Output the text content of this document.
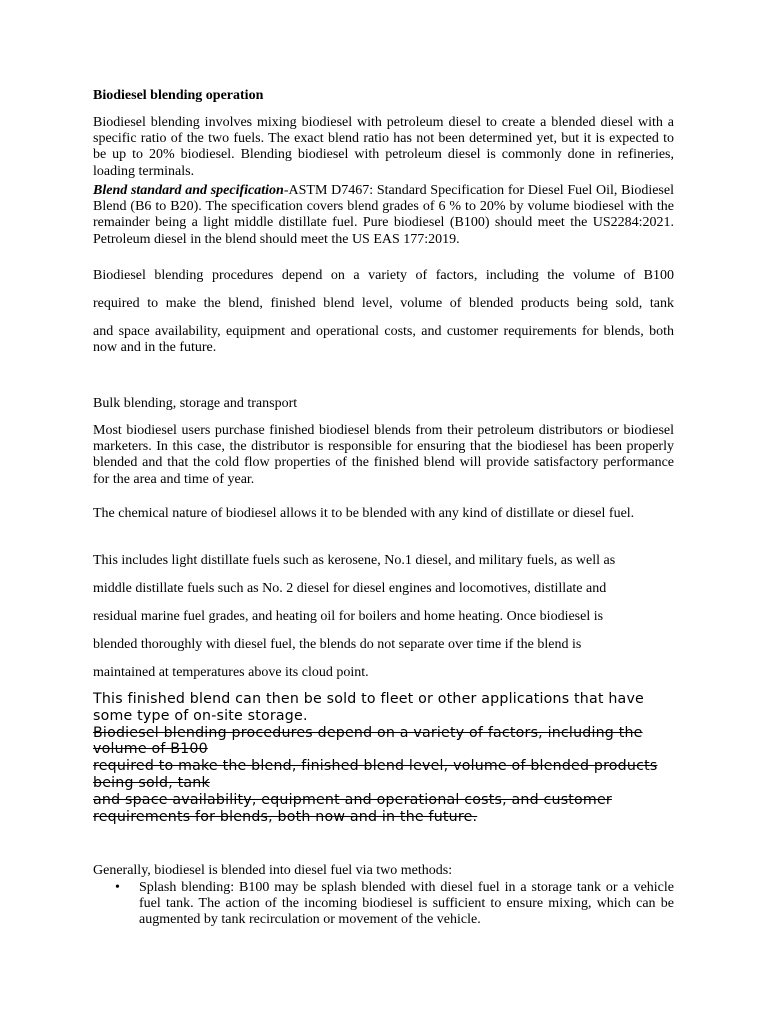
Biodiesel blending operation

Biodiesel blending involves mixing biodiesel with petroleum diesel to create a blended diesel with a specific ratio of the two fuels. The exact blend ratio has not been determined yet, but it is expected to be up to 20% biodiesel. Blending biodiesel with petroleum diesel is commonly done in refineries, loading terminals.

Blend standard and specification-ASTM D7467: Standard Specification for Diesel Fuel Oil, Biodiesel Blend (B6 to B20). The specification covers blend grades of 6 % to 20% by volume biodiesel with the remainder being a light middle distillate fuel. Pure biodiesel (B100) should meet the US2284:2021. Petroleum diesel in the blend should meet the US EAS 177:2019.

Biodiesel blending procedures depend on a variety of factors, including the volume of B100
required to make the blend, finished blend level, volume of blended products being sold, tank
and space availability, equipment and operational costs, and customer requirements for blends, both now and in the future.

Bulk blending, storage and transport

Most biodiesel users purchase finished biodiesel blends from their petroleum distributors or biodiesel marketers. In this case, the distributor is responsible for ensuring that the biodiesel has been properly blended and that the cold flow properties of the finished blend will provide satisfactory performance for the area and time of year.

The chemical nature of biodiesel allows it to be blended with any kind of distillate or diesel fuel.

This includes light distillate fuels such as kerosene, No.1 diesel, and military fuels, as well as
middle distillate fuels such as No. 2 diesel for diesel engines and locomotives, distillate and
residual marine fuel grades, and heating oil for boilers and home heating. Once biodiesel is
blended thoroughly with diesel fuel, the blends do not separate over time if the blend is
maintained at temperatures above its cloud point.
This finished blend can then be sold to fleet or other applications that have some type of on-site storage.
Biodiesel blending procedures depend on a variety of factors, including the volume of B100
required to make the blend, finished blend level, volume of blended products being sold, tank
and space availability, equipment and operational costs, and customer requirements for blends, both now and in the future.

Generally, biodiesel is blended into diesel fuel via two methods:

• Splash blending: B100 may be splash blended with diesel fuel in a storage tank or a vehicle fuel tank. The action of the incoming biodiesel is sufficient to ensure mixing, which can be augmented by tank recirculation or movement of the vehicle.
